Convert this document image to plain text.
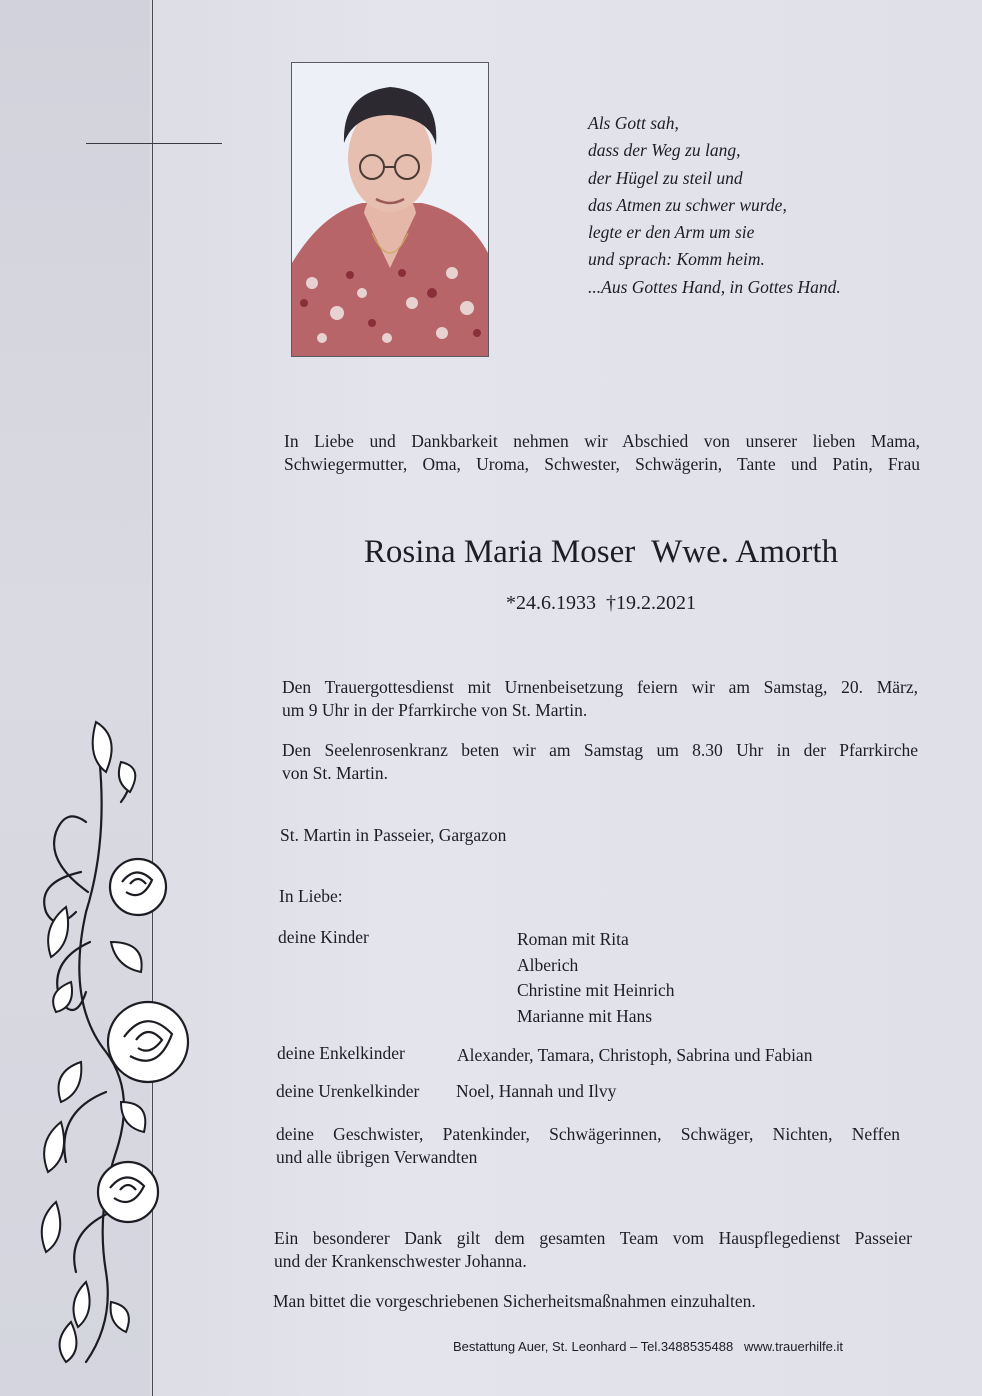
Als Gott sah,
dass der Weg zu lang,
der Hügel zu steil und
das Atmen zu schwer wurde,
legte er den Arm um sie
und sprach: Komm heim.
...Aus Gottes Hand, in Gottes Hand.
In Liebe und Dankbarkeit nehmen wir Abschied von unserer lieben Mama,
Schwiegermutter, Oma, Uroma, Schwester, Schwägerin, Tante und Patin, Frau
Rosina Maria Moser  Wwe. Amorth
*24.6.1933  †19.2.2021
Den Trauergottesdienst mit Urnenbeisetzung feiern wir am Samstag, 20. März,
um 9 Uhr in der Pfarrkirche von St. Martin.
Den Seelenrosenkranz beten wir am Samstag um 8.30 Uhr in der Pfarrkirche
von St. Martin.
St. Martin in Passeier, Gargazon
In Liebe:
deine Kinder	Roman mit Rita
Alberich
Christine mit Heinrich
Marianne mit Hans
deine Enkelkinder	Alexander, Tamara, Christoph, Sabrina und Fabian
deine Urenkelkinder Noel, Hannah und Ilvy
deine Geschwister, Patenkinder, Schwägerinnen, Schwäger, Nichten, Neffen
und alle übrigen Verwandten
Ein besonderer Dank gilt dem gesamten Team vom Hauspflegedienst Passeier
und der Krankenschwester Johanna.
Man bittet die vorgeschriebenen Sicherheitsmaßnahmen einzuhalten.
Bestattung Auer, St. Leonhard – Tel.3488535488   www.trauerhilfe.it
